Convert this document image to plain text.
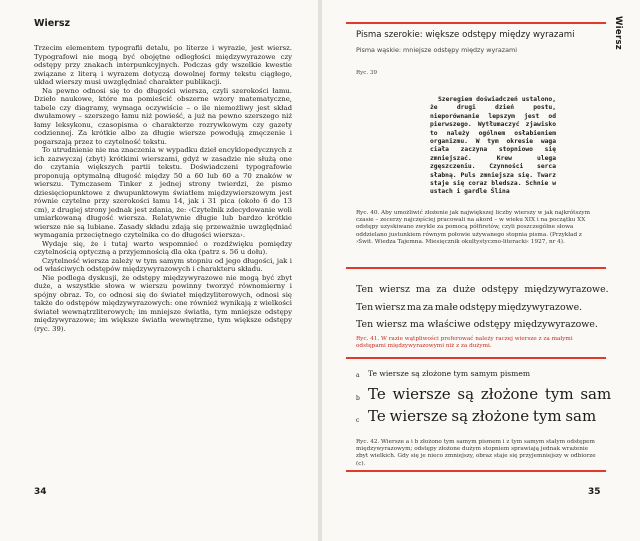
Wiersz

Trzecim elementem typografii detalu, po literze i wyrazie, jest wiersz. Typografowi nie mogą być obojętne odległości międzywyrazowe czy odstępy przy znakach interpunkcyjnych. Podczas gdy wszelkie kwestie związane z literą i wyrazem dotyczą dowolnej formy tekstu ciągłego, układ wierszy musi uwzględniać charakter publikacji.

Na pewno odnosi się to do długości wiersza, czyli szerokości łamu. Dzieło naukowe, które ma pomieścić obszerne wzory matematyczne, tabele czy diagramy, wymaga oczywiście – o ile niemożliwy jest skład dwułamowy – szerszego łamu niż powieść, a już na pewno szerszego niż łamy leksykonu, czasopisma o charakterze rozrywkowym czy gazety codziennej. Za krótkie albo za długie wiersze powodują zmęczenie i pogarszają przez to czytelność tekstu.

To utrudnienie nie ma znaczenia w wypadku dzieł encyklopedycznych z ich zazwyczaj (zbyt) krótkimi wierszami, gdyż w zasadzie nie służą one do czytania większych partii tekstu. Doświadczeni typografowie proponują optymalną długość między 50 a 60 lub 60 a 70 znaków w wierszu. Tymczasem Tinker z jednej strony twierdzi, że pismo dziesięciopunktowe z dwupunktowym światłem międzywierszowym jest równie czytelne przy szerokości łamu 14, jak i 31 pica (około 6 do 13 cm), z drugiej strony jednak jest zdania, że: ‹Czytelnik zdecydowanie woli umiarkowaną długość wiersza. Relatywnie długie lub bardzo krótkie wiersze nie są lubiane. Zasady składu zdają się przeważnie uwzględniać wymagania przeciętnego czytelnika co do długości wiersza›.

Wydaje się, że i tutaj warto wspomnieć o rozdźwięku pomiędzy czytelnością optyczną a przyjemnością dla oka (patrz s. 56 u dołu).

Czytelność wiersza zależy w tym samym stopniu od jego długości, jak i od właściwych odstępów międzywyrazowych i charakteru składu.

Nie podlega dyskusji, że odstępy międzywyrazowe nie mogą być zbyt duże, a wszystkie słowa w wierszu powinny tworzyć równomierny i spójny obraz. To, co odnosi się do świateł międzyliterowych, odnosi się także do odstępów międzywyrazowych: one również wynikają z wielkości świateł wewnątrzliterowych; im mniejsze światła, tym mniejsze odstępy międzywyrazowe; im większe światła wewnętrzne, tym większe odstępy (ryc. 39).

34
Wiersz
Pisma szerokie: większe odstępy między wyrazami
Pisma wąskie: mniejsze odstępy między wyrazami
Ryc. 39

Szeregiem doświadczeń ustalono, że drugi dzień postu, nieporównanie lepszym jest od pierwszego. Wytłumaczyć zjawisko to należy ogólnem osłabieniem organizmu. W tym okresie waga ciała zaczyna stopniowo się zmniejszać. Krew ulega zgęszczeniu. Czynności serca słabną. Puls zmniejsza się. Twarz staje się coraz bledsza. Schnie w ustach i gardle Ślina

Ryc. 40. Aby umożliwić złożenie jak największej liczby wierszy w jak najkrótszym czasie – zecerzy najczęściej pracowali na akord – w wieku XIX i na początku XX odstępy uzyskiwano zwykle za pomocą półfiretów, czyli poszczególne słowa oddzielano justunkiem równym połowie używanego stopnia pisma. (Przykład z ›Świt. Wiedza Tajemna. Miesięcznik okultystyczno-literacki‹ 1927, nr 4).
Ten wiersz ma za duże odstępy międzywyrazowe.
Ten wiersz ma za małe odstępy międzywyrazowe.
Ten wiersz ma właściwe odstępy międzywyrazowe.
Ryc. 41. W razie wątpliwości preferować należy raczej wiersze z za małymi odstępami międzywyrazowymi niż z za dużymi.
a Te wiersze są złożone tym samym pismem
b Te wiersze są złożone tym sam
c Te wiersze są złożone tym sam
Ryc. 42. Wiersze a i b złożono tym samym pismem i z tym samym stałym odstępem międzywyrazowym; odstępy złożone dużym stopniem sprawiają jednak wrażenie zbyt wielkich. Gdy się je nieco zmniejszy, obraz staje się przyjemniejszy w odbiorze (c).
35
